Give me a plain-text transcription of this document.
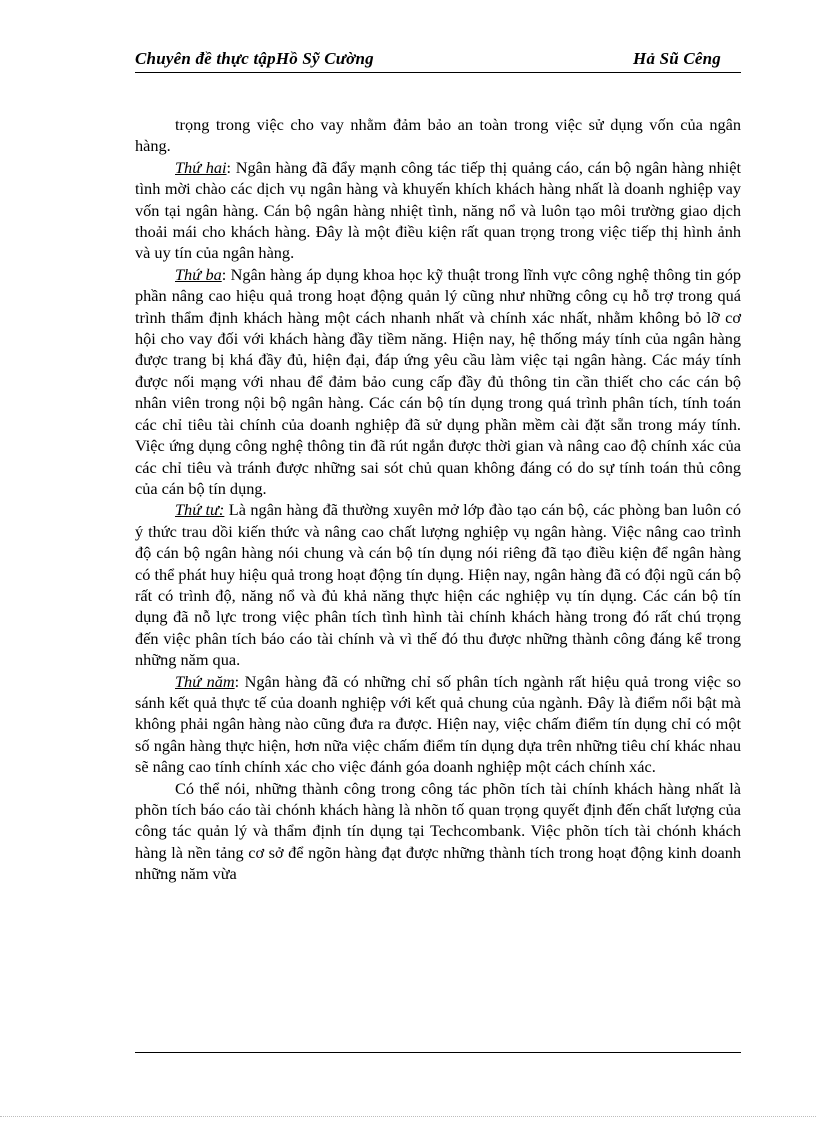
Chuyên đề thực tậpHồ Sỹ Cường	Hả Sũ Cêng

trọng trong việc cho vay nhằm đảm bảo an toàn trong việc sử dụng vốn của ngân hàng.

Thứ hai: Ngân hàng đã đẩy mạnh công tác tiếp thị quảng cáo, cán bộ ngân hàng nhiệt tình mời chào các dịch vụ ngân hàng và khuyến khích khách hàng nhất là doanh nghiệp vay vốn tại ngân hàng. Cán bộ ngân hàng nhiệt tình, năng nổ và luôn tạo môi trường giao dịch thoải mái cho khách hàng. Đây là một điều kiện rất quan trọng trong việc tiếp thị hình ảnh và uy tín của ngân hàng.

Thứ ba: Ngân hàng áp dụng khoa học kỹ thuật trong lĩnh vực công nghệ thông tin góp phần nâng cao hiệu quả trong hoạt động quản lý cũng như những công cụ hỗ trợ trong quá trình thẩm định khách hàng một cách nhanh nhất và chính xác nhất, nhằm không bỏ lỡ cơ hội cho vay đối với khách hàng đầy tiềm năng. Hiện nay, hệ thống máy tính của ngân hàng được trang bị khá đầy đủ, hiện đại, đáp ứng yêu cầu làm việc tại ngân hàng. Các máy tính được nối mạng với nhau để đảm bảo cung cấp đầy đủ thông tin cần thiết cho các cán bộ nhân viên trong nội bộ ngân hàng. Các cán bộ tín dụng trong quá trình phân tích, tính toán các chỉ tiêu tài chính của doanh nghiệp đã sử dụng phần mềm cài đặt sẵn trong máy tính. Việc ứng dụng công nghệ thông tin đã rút ngắn được thời gian và nâng cao độ chính xác của các chỉ tiêu và tránh được những sai sót chủ quan không đáng có do sự tính toán thủ công của cán bộ tín dụng.

Thứ tư: Là ngân hàng đã thường xuyên mở lớp đào tạo cán bộ, các phòng ban luôn có ý thức trau dồi kiến thức và nâng cao chất lượng nghiệp vụ ngân hàng. Việc nâng cao trình độ cán bộ ngân hàng nói chung và cán bộ tín dụng nói riêng đã tạo điều kiện để ngân hàng có thể phát huy hiệu quả trong hoạt động tín dụng. Hiện nay, ngân hàng đã có đội ngũ cán bộ rất có trình độ, năng nổ và đủ khả năng thực hiện các nghiệp vụ tín dụng. Các cán bộ tín dụng đã nỗ lực trong việc phân tích tình hình tài chính khách hàng trong đó rất chú trọng đến việc phân tích báo cáo tài chính và vì thế đó thu được những thành công đáng kể trong những năm qua.

Thứ năm: Ngân hàng đã có những chỉ số phân tích ngành rất hiệu quả trong việc so sánh kết quả thực tế của doanh nghiệp với kết quả chung của ngành. Đây là điểm nổi bật mà không phải ngân hàng nào cũng đưa ra được. Hiện nay, việc chấm điểm tín dụng chỉ có một số ngân hàng thực hiện, hơn nữa việc chấm điểm tín dụng dựa trên những tiêu chí khác nhau sẽ nâng cao tính chính xác cho việc đánh góa doanh nghiệp một cách chính xác.

Có thể nói, những thành công trong công tác phõn tích tài chính khách hàng nhất là phõn tích báo cáo tài chónh khách hàng là nhõn tố quan trọng quyết định đến chất lượng của công tác quản lý và thẩm định tín dụng tại Techcombank. Việc phõn tích tài chónh khách hàng là nền tảng cơ sở để ngõn hàng đạt được những thành tích trong hoạt động kinh doanh những năm vừa
